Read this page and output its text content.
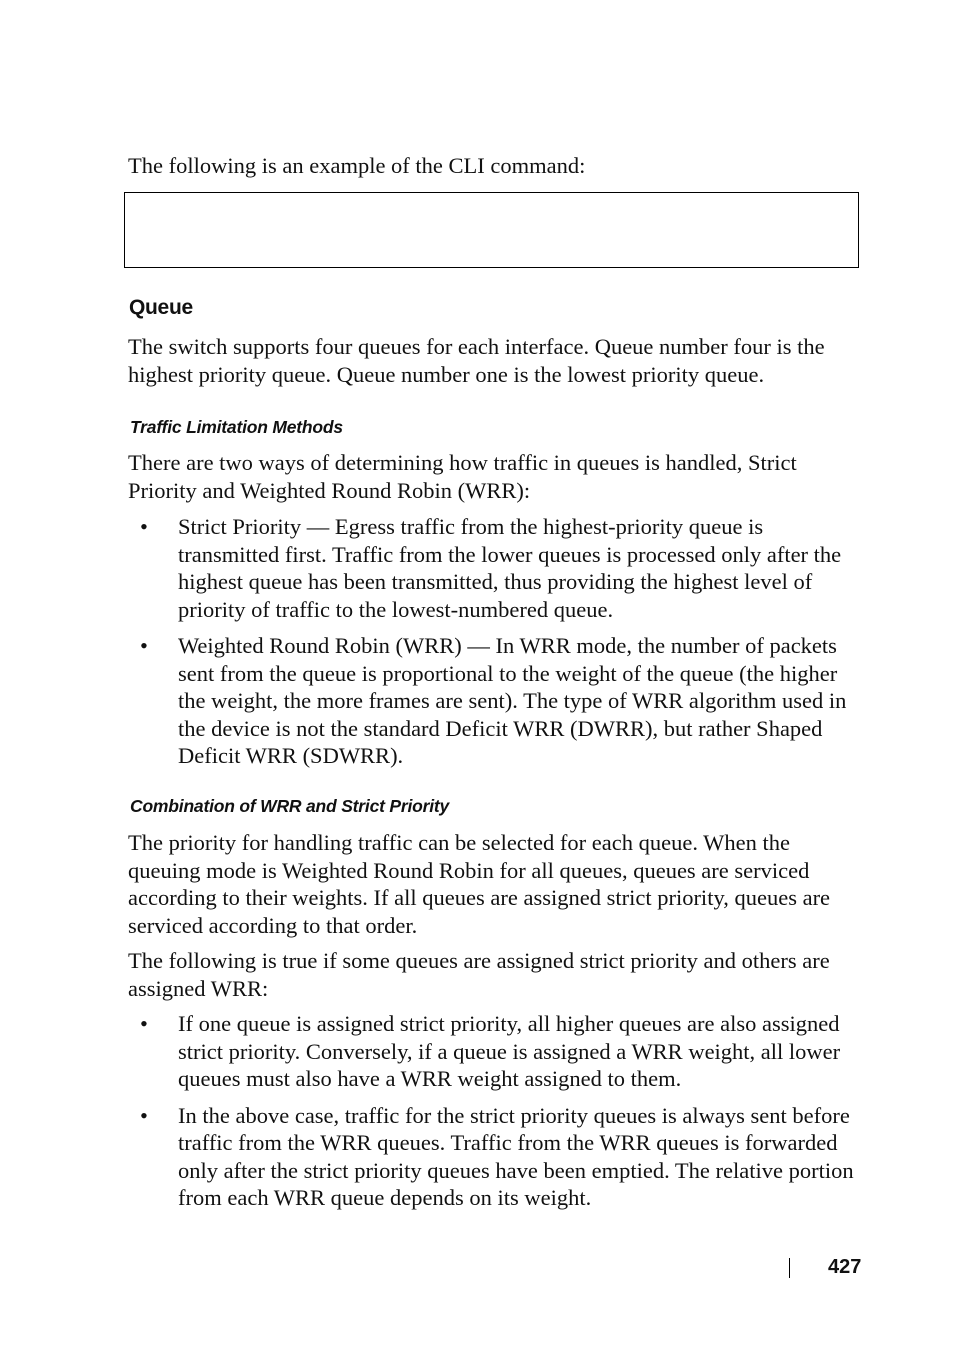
The following is an example of the CLI command:

Queue

The switch supports four queues for each interface. Queue number four is the highest priority queue. Queue number one is the lowest priority queue.

Traffic Limitation Methods

There are two ways of determining how traffic in queues is handled, Strict Priority and Weighted Round Robin (WRR):

• Strict Priority — Egress traffic from the highest-priority queue is transmitted first. Traffic from the lower queues is processed only after the highest queue has been transmitted, thus providing the highest level of priority of traffic to the lowest-numbered queue.
• Weighted Round Robin (WRR) — In WRR mode, the number of packets sent from the queue is proportional to the weight of the queue (the higher the weight, the more frames are sent). The type of WRR algorithm used in the device is not the standard Deficit WRR (DWRR), but rather Shaped Deficit WRR (SDWRR).
Combination of WRR and Strict Priority

The priority for handling traffic can be selected for each queue. When the queuing mode is Weighted Round Robin for all queues, queues are serviced according to their weights. If all queues are assigned strict priority, queues are serviced according to that order.

The following is true if some queues are assigned strict priority and others are assigned WRR:

• If one queue is assigned strict priority, all higher queues are also assigned strict priority. Conversely, if a queue is assigned a WRR weight, all lower queues must also have a WRR weight assigned to them.
• In the above case, traffic for the strict priority queues is always sent before traffic from the WRR queues. Traffic from the WRR queues is forwarded only after the strict priority queues have been emptied. The relative portion from each WRR queue depends on its weight.
427
